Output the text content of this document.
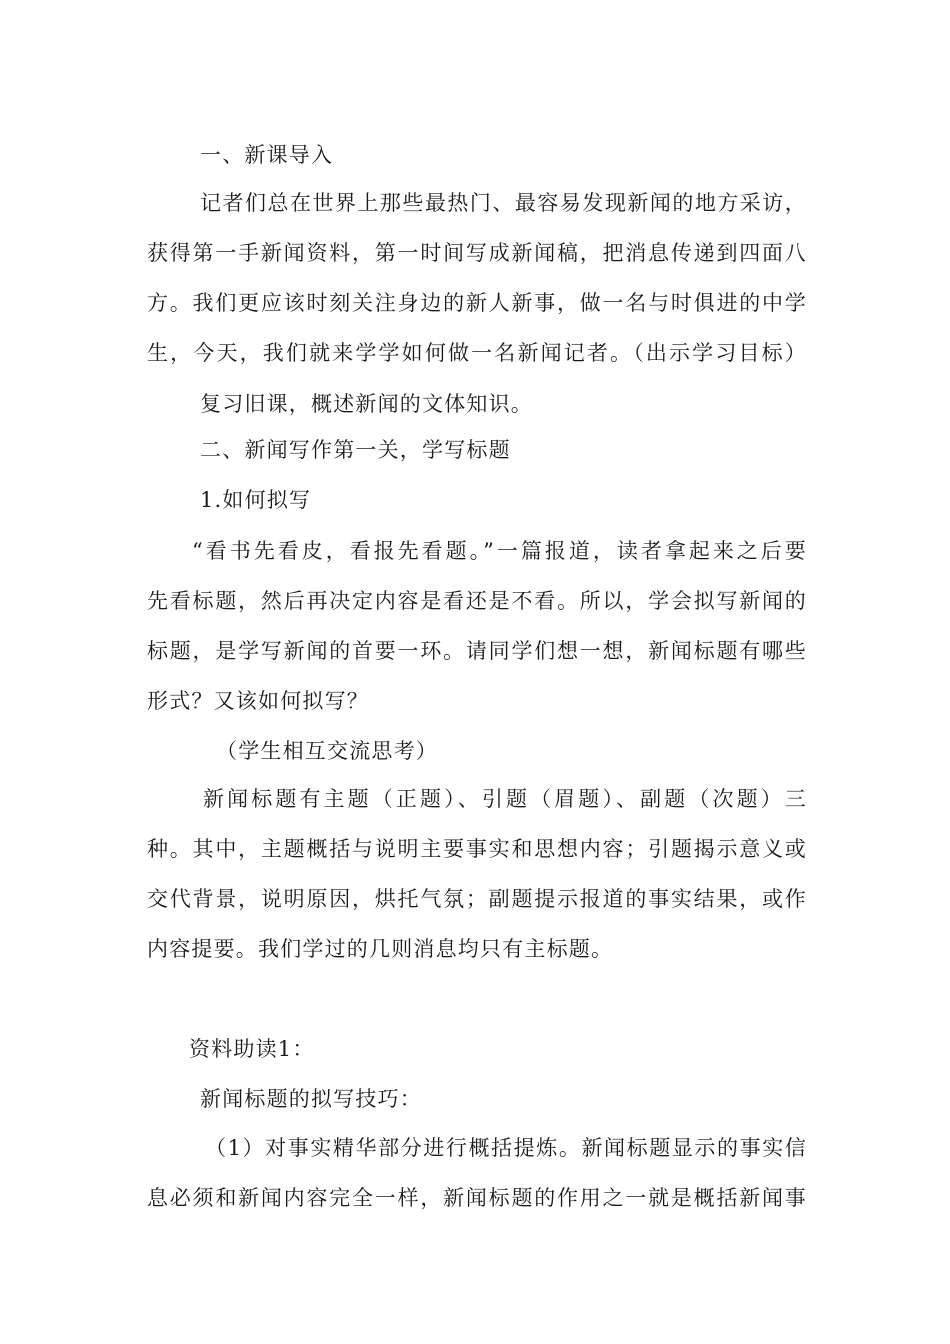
一、新课导入
记者们总在世界上那些最热门、最容易发现新闻的地方采访，
获得第一手新闻资料，第一时间写成新闻稿，把消息传递到四面八
方。我们更应该时刻关注身边的新人新事，做一名与时俱进的中学
生，今天，我们就来学学如何做一名新闻记者。（出示学习目标）
复习旧课，概述新闻的文体知识。
二、新闻写作第一关，学写标题
1.如何拟写
“看书先看皮，看报先看题。”一篇报道，读者拿起来之后要
先看标题，然后再决定内容是看还是不看。所以，学会拟写新闻的
标题，是学写新闻的首要一环。请同学们想一想，新闻标题有哪些
形式？又该如何拟写？
（学生相互交流思考）
新闻标题有主题（正题）、引题（眉题）、副题（次题）三
种。其中，主题概括与说明主要事实和思想内容；引题揭示意义或
交代背景，说明原因，烘托气氛；副题提示报道的事实结果，或作
内容提要。我们学过的几则消息均只有主标题。
资料助读1：
新闻标题的拟写技巧：
（1）对事实精华部分进行概括提炼。新闻标题显示的事实信
息必须和新闻内容完全一样，新闻标题的作用之一就是概括新闻事
